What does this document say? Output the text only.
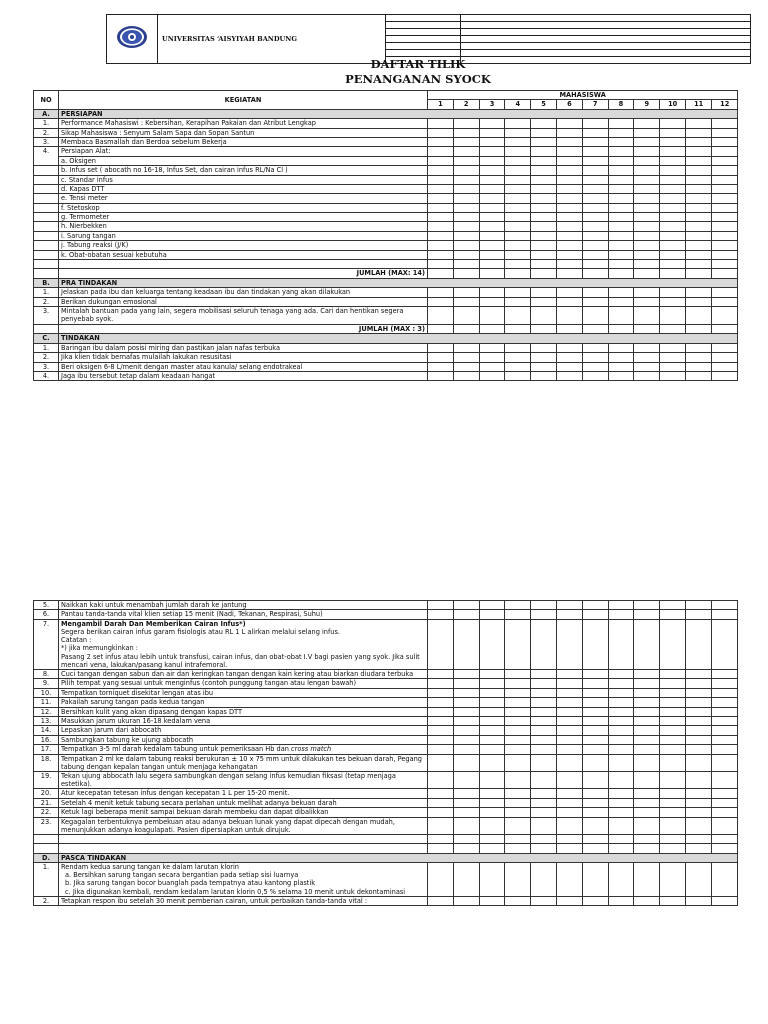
	UNIVERSITAS ‘AISYIYAH BANDUNG		

DAFTAR TILIK
PENANGANAN SYOCK
NO	KEGIATAN	MAHASISWA											
		1	2	3	4	5	6	7	8	9	10	11	12
A.	PERSIAPAN												
1.	Performance Mahasiswi : Kebersihan, Kerapihan Pakaian dan Atribut Lengkap												
2.	Sikap Mahasiswa : Senyum Salam Sapa dan Sopan Santun												
3.	Membaca Basmallah dan Berdoa sebelum Bekerja												
4.	Persiapan Alat:												
	a. Oksigen												
	b. Infus set ( abocath no 16-18, Infus Set, dan cairan infus RL/Na Cl )												
	c. Standar infus												
	d. Kapas DTT												
	e. Tensi meter												
	f. Stetoskop												
	g. Termometer												
	h. Nierbekken												
	i. Sarung tangan												
	j. Tabung reaksi (J/K)												
	k. Obat-obatan sesuai kebutuha												

	JUMLAH (MAX: 14)												
B.	PRA TINDAKAN												
1.	Jelaskan pada ibu dan keluarga tentang keadaan ibu dan tindakan yang akan dilakukan												
2.	Berikan dukungan emosional												
3.	Mintalah bantuan pada yang lain, segera mobilisasi seluruh tenaga yang ada. Cari dan hentikan segera penyebab syok.												
	JUMLAH (MAX : 3)												
C.	TINDAKAN												
1.	Baringan ibu dalam posisi miring dan pastikan jalan nafas terbuka												
2.	Jika klien tidak bernafas mulailah lakukan resusitasi												
3.	Beri oksigen 6-8 L/menit dengan master atau kanula/ selang endotrakeal												
4.	Jaga ibu tersebut tetap dalam keadaan hangat												
5.	Naikkan kaki untuk menambah jumlah darah ke jantung												
6.	Pantau tanda-tanda vital klien setiap 15 menit (Nadi, Tekanan, Respirasi, Suhu)												
7.	Mengambil Darah Dan Memberikan Cairan Infus*)
Segera berikan cairan infus garam fisiologis atau RL 1 L alirkan melalui selang infus.
Catatan :
*) jika memungkinkan :
Pasang 2 set infus atau lebih untuk transfusi, cairan infus, dan obat-obat I.V bagi pasien yang syok. Jika sulit mencari vena, lakukan/pasang kanul intrafemoral.												

8.	Cuci tangan dengan sabun dan air dan keringkan tangan dengan kain kering atau biarkan diudara terbuka												
9.	Pilih tempat yang sesuai untuk menginfus (contoh punggung tangan atau lengan bawah)												
10.	Tempatkan torniquet disekitar lengan atas ibu												
11.	Pakailah sarung tangan pada kedua tangan												
12.	Bersihkan kulit yang akan dipasang dengan kapas DTT												
13.	Masukkan jarum ukuran 16-18 kedalam vena												
14.	Lepaskan jarum dari abbocath												
16.	Sambungkan tabung ke ujung abbocath												
17.	Tempatkan 3-5 ml darah kedalam tabung untuk pemeriksaan Hb dan cross match												
18.	Tempatkan 2 ml ke dalam tabung reaksi berukuran ± 10 x 75 mm untuk dilakukan tes bekuan darah, Pegang tabung dengan kepalan tangan untuk menjaga kehangatan												
19.	Tekan ujung abbocath lalu segera sambungkan dengan selang infus kemudian fiksasi (tetap menjaga estetika).												
20.	Atur kecepatan tetesan infus dengan kecepatan 1 L per 15-20 menit.												
21.	Setelah 4 menit ketuk tabung secara perlahan untuk melihat adanya bekuan darah												
22.	Ketuk lagi beberapa menit sampai bekuan darah membeku dan dapat dibalikkan												
23.	Kegagalan terbentuknya pembekuan atau adanya bekuan lunak yang dapat dipecah dengan mudah, menunjukkan adanya koagulapati. Pasien dipersiapkan untuk dirujuk.												

D.	PASCA TINDAKAN												
1.	Rendam kedua sarung tangan ke dalam larutan klorin
a. Bersihkan sarung tangan secara bergantian pada setiap sisi luarnya
b. Jika sarung tangan bocor buanglah pada tempatnya atau kantong plastik
c. Jika digunakan kembali, rendam kedalam larutan klorin 0,5 % selama 10 menit untuk dekontaminasi												

2.	Tetapkan respon ibu setelah 30 menit pemberian cairan, untuk perbaikan tanda-tanda vital :												
